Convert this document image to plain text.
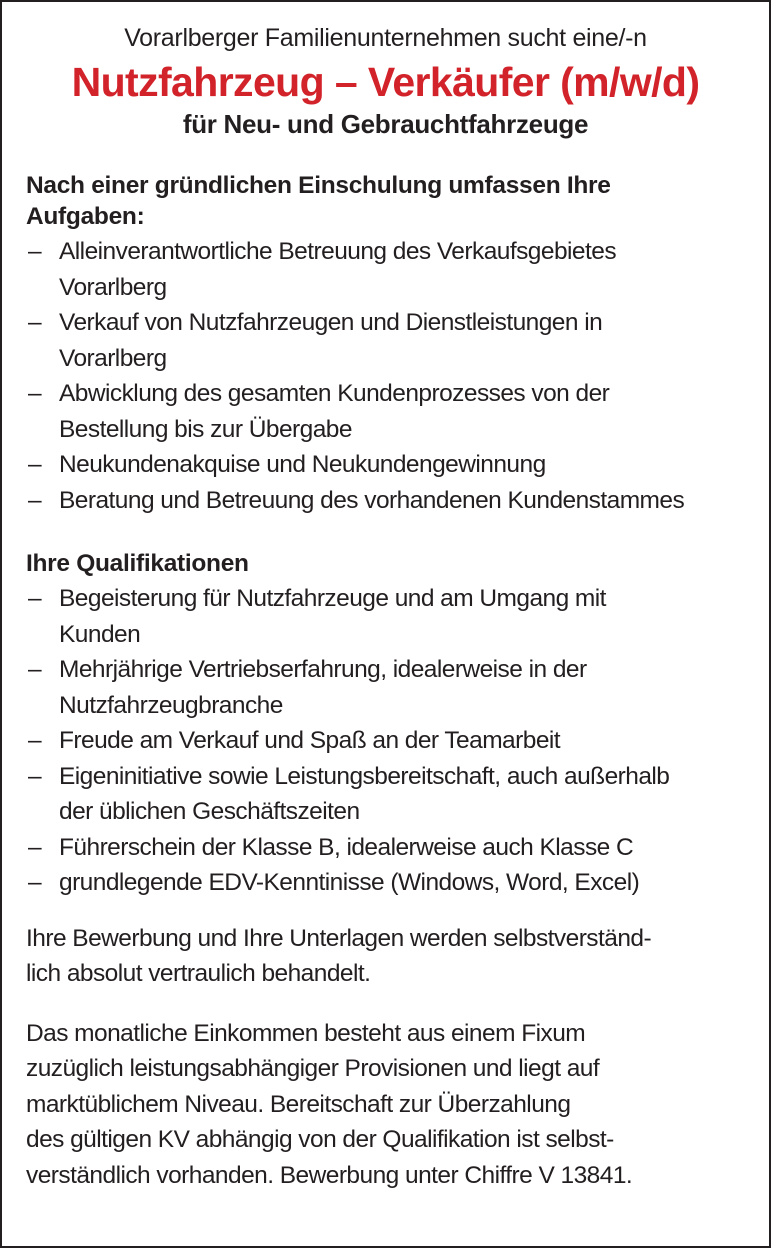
Vorarlberger Familienunternehmen sucht eine/-n

Nutzfahrzeug – Verkäufer (m/w/d)

für Neu- und Gebrauchtfahrzeuge

Nach einer gründlichen Einschulung umfassen Ihre
Aufgaben:
– Alleinverantwortliche Betreuung des Verkaufsgebietes
Vorarlberg
– Verkauf von Nutzfahrzeugen und Dienstleistungen in
Vorarlberg
– Abwicklung des gesamten Kundenprozesses von der
Bestellung bis zur Übergabe
– Neukundenakquise und Neukundengewinnung
– Beratung und Betreuung des vorhandenen Kundenstammes
Ihre Qualifikationen
– Begeisterung für Nutzfahrzeuge und am Umgang mit
Kunden
– Mehrjährige Vertriebserfahrung, idealerweise in der
Nutzfahrzeugbranche
– Freude am Verkauf und Spaß an der Teamarbeit
– Eigeninitiative sowie Leistungsbereitschaft, auch außerhalb
der üblichen Geschäftszeiten
– Führerschein der Klasse B, idealerweise auch Klasse C
– grundlegende EDV-Kenntinisse (Windows, Word, Excel)
Ihre Bewerbung und Ihre Unterlagen werden selbstverständ-
lich absolut vertraulich behandelt.
Das monatliche Einkommen besteht aus einem Fixum
zuzüglich leistungsabhängiger Provisionen und liegt auf
marktüblichem Niveau. Bereitschaft zur Überzahlung
des gültigen KV abhängig von der Qualifikation ist selbst-
verständlich vorhanden. Bewerbung unter Chiffre V 13841.
